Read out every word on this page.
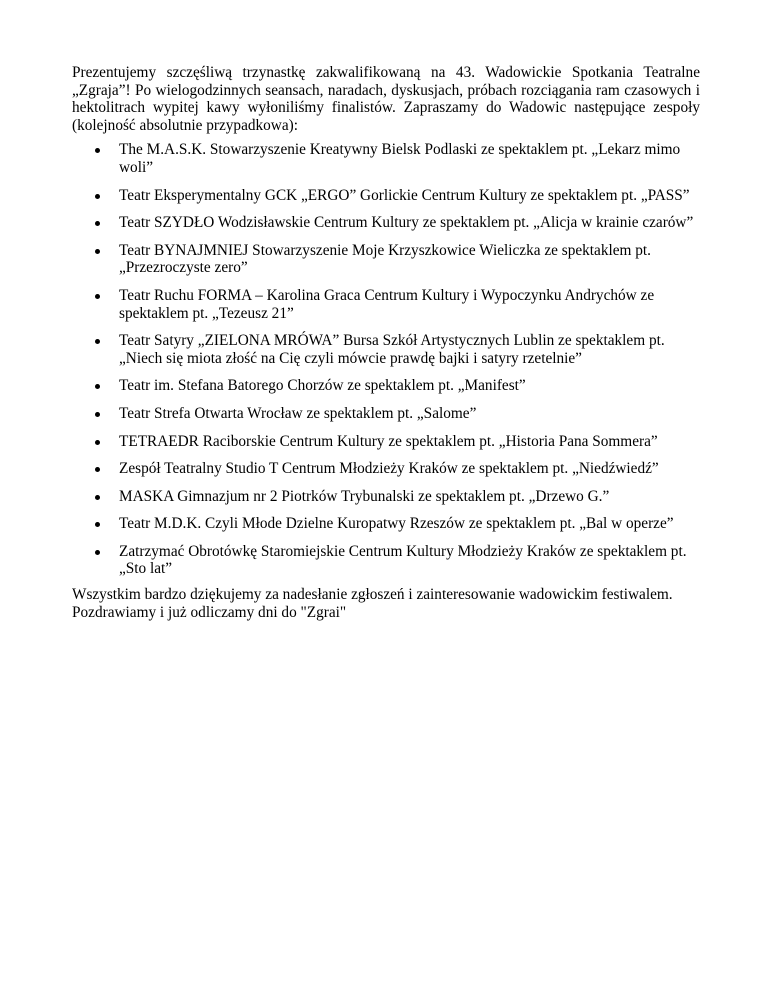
Prezentujemy szczęśliwą trzynastkę zakwalifikowaną na 43. Wadowickie Spotkania Teatralne „Zgraja”! Po wielogodzinnych seansach, naradach, dyskusjach, próbach rozciągania ram czasowych i hektolitrach wypitej kawy wyłoniliśmy finalistów. Zapraszamy do Wadowic następujące zespoły (kolejność absolutnie przypadkowa):

The M.A.S.K. Stowarzyszenie Kreatywny Bielsk Podlaski ze spektaklem pt. „Lekarz mimo woli”
Teatr Eksperymentalny GCK „ERGO” Gorlickie Centrum Kultury ze spektaklem pt. „PASS”
Teatr SZYDŁO Wodzisławskie Centrum Kultury ze spektaklem pt. „Alicja w krainie czarów”
Teatr BYNAJMNIEJ Stowarzyszenie Moje Krzyszkowice Wieliczka ze spektaklem pt. „Przezroczyste zero”
Teatr Ruchu FORMA – Karolina Graca Centrum Kultury i Wypoczynku Andrychów ze spektaklem pt. „Tezeusz 21”
Teatr Satyry „ZIELONA MRÓWA” Bursa Szkół Artystycznych Lublin ze spektaklem pt. „Niech się miota złość na Cię czyli mówcie prawdę bajki i satyry rzetelnie”
Teatr im. Stefana Batorego Chorzów ze spektaklem pt. „Manifest”
Teatr Strefa Otwarta Wrocław ze spektaklem pt. „Salome”
TETRAEDR Raciborskie Centrum Kultury ze spektaklem pt. „Historia Pana Sommera”
Zespół Teatralny Studio T Centrum Młodzieży Kraków ze spektaklem pt. „Niedźwiedź”
MASKA Gimnazjum nr 2 Piotrków Trybunalski ze spektaklem pt. „Drzewo G.”
Teatr M.D.K. Czyli Młode Dzielne Kuropatwy Rzeszów ze spektaklem pt. „Bal w operze”
Zatrzymać Obrotówkę Staromiejskie Centrum Kultury Młodzieży Kraków ze spektaklem pt. „Sto lat”

Wszystkim bardzo dziękujemy za nadesłanie zgłoszeń i zainteresowanie wadowickim festiwalem.
Pozdrawiamy i już odliczamy dni do "Zgrai"
